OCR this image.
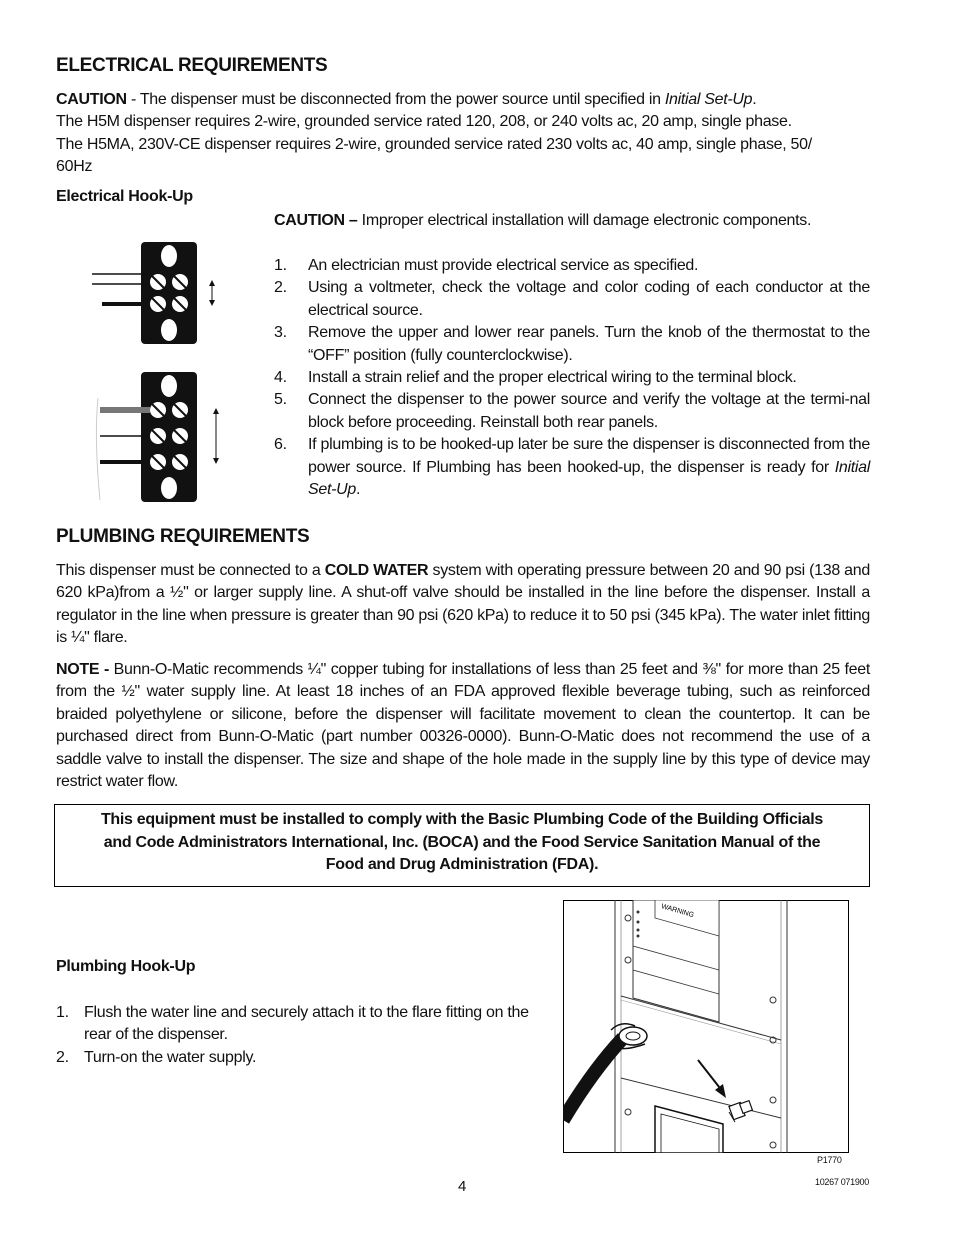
ELECTRICAL REQUIREMENTS

CAUTION - The dispenser must be disconnected from the power source until specified in Initial Set-Up.

The H5M dispenser requires 2-wire, grounded service rated 120, 208, or 240 volts ac, 20 amp, single phase.

The H5MA, 230V-CE dispenser requires 2-wire, grounded service rated 230 volts ac, 40 amp, single phase, 50/

60Hz

Electrical Hook-Up
CAUTION – Improper electrical installation will damage electronic components.
1. An electrician must provide electrical service as specified.
2. Using a voltmeter, check the voltage and color coding of each conductor at the electrical source.
3. Remove the upper and lower rear panels. Turn the knob of the thermostat to the “OFF” position (fully counterclockwise).
4. Install a strain relief and the proper electrical wiring to the terminal block.
5. Connect the dispenser to the power source and verify the voltage at the termi-nal block before proceeding. Reinstall both rear panels.
6. If plumbing is to be hooked-up later be sure the dispenser is disconnected from the power source. If Plumbing has been hooked-up, the dispenser is ready for Initial Set-Up.
PLUMBING REQUIREMENTS
This dispenser must be connected to a COLD WATER system with operating pressure between 20 and 90 psi (138 and 620 kPa)from a ½" or larger supply line. A shut-off valve should be installed in the line before the dispenser. Install a regulator in the line when pressure is greater than 90 psi (620 kPa) to reduce it to 50 psi (345 kPa). The water inlet fitting is ¼" flare.
NOTE - Bunn-O-Matic recommends ¼" copper tubing for installations of less than 25 feet and ⅜" for more than 25 feet from the ½" water supply line. At least 18 inches of an FDA approved flexible beverage tubing, such as reinforced braided polyethylene or silicone, before the dispenser will facilitate movement to clean the countertop. It can be purchased direct from Bunn-O-Matic (part number 00326-0000). Bunn-O-Matic does not recommend the use of a saddle valve to install the dispenser. The size and shape of the hole made in the supply line by this type of device may restrict water flow.
This equipment must be installed to comply with the Basic Plumbing Code of the Building Officials and Code Administrators International, Inc. (BOCA) and the Food Service Sanitation Manual of the Food and Drug Administration (FDA).
Plumbing Hook-Up
1. Flush the water line and securely attach it to the flare fitting on the rear of the dispenser.
2. Turn-on the water supply.
WARNING
P1770
4	10267 071900
